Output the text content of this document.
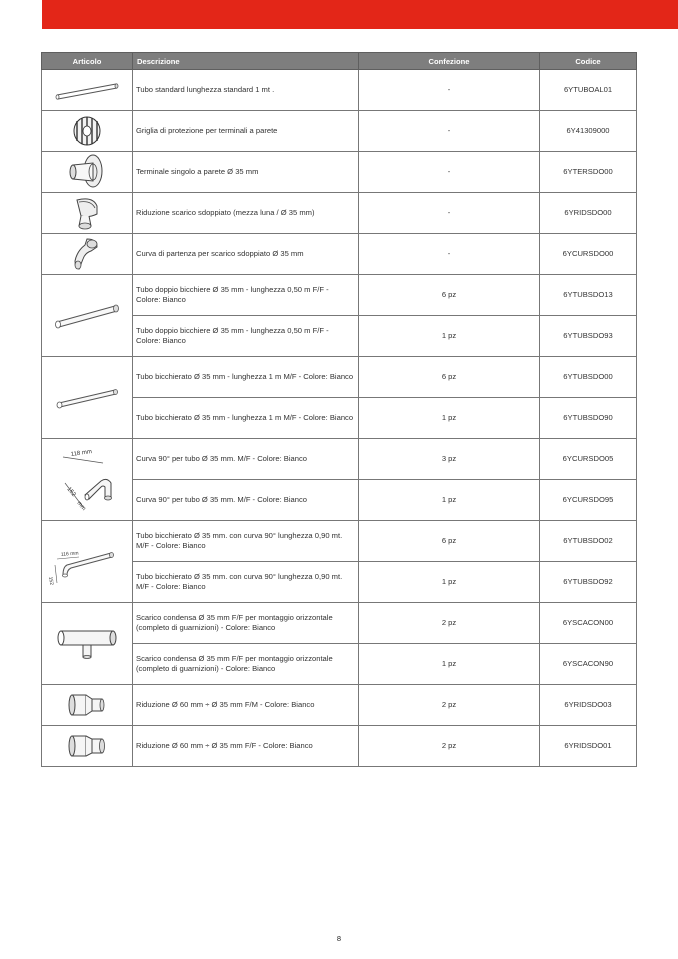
Articolo	Descrizione	Confezione	Codice

	Tubo standard lunghezza standard 1 mt .	-	6YTUBOAL01

	Griglia di protezione per terminali a parete	-	6Y41309000

	Terminale singolo a parete Ø 35 mm	-	6YTERSDO00

	Riduzione scarico sdoppiato (mezza luna / Ø 35 mm)	-	6YRIDSDO00

	Curva di partenza per scarico sdoppiato Ø 35 mm	-	6YCURSDO00

	Tubo doppio bicchiere Ø 35 mm - lunghezza 0,50 m F/F - Colore: Bianco	6 pz	6YTUBSDO13
	Tubo doppio bicchiere Ø 35 mm - lunghezza 0,50 m F/F - Colore: Bianco	1 pz	6YTUBSDO93

	Tubo bicchierato Ø 35 mm - lunghezza 1 m M/F - Colore: Bianco	6 pz	6YTUBSDO00
	Tubo bicchierato Ø 35 mm - lunghezza 1 m M/F - Colore: Bianco	1 pz	6YTUBSDO90

118 mm
152
mm	Curva 90° per tubo Ø 35 mm. M/F - Colore: Bianco	3 pz	6YCURSDO05
	Curva 90° per tubo Ø 35 mm. M/F - Colore: Bianco	1 pz	6YCURSDO95

116 mm
152	Tubo bicchierato Ø 35 mm. con curva 90° lunghezza 0,90 mt. M/F - Colore: Bianco	6 pz	6YTUBSDO02
	Tubo bicchierato Ø 35 mm. con curva 90° lunghezza 0,90 mt. M/F - Colore: Bianco	1 pz	6YTUBSDO92

	Scarico condensa Ø 35 mm F/F per montaggio orizzontale (completo di guarnizioni) - Colore: Bianco	2 pz	6YSCACON00
	Scarico condensa Ø 35 mm F/F per montaggio orizzontale (completo di guarnizioni) - Colore: Bianco	1 pz	6YSCACON90

	Riduzione Ø 60 mm ÷ Ø 35 mm F/M - Colore: Bianco	2 pz	6YRIDSDO03

	Riduzione Ø 60 mm ÷ Ø 35 mm F/F - Colore: Bianco	2 pz	6YRIDSDO01
8
